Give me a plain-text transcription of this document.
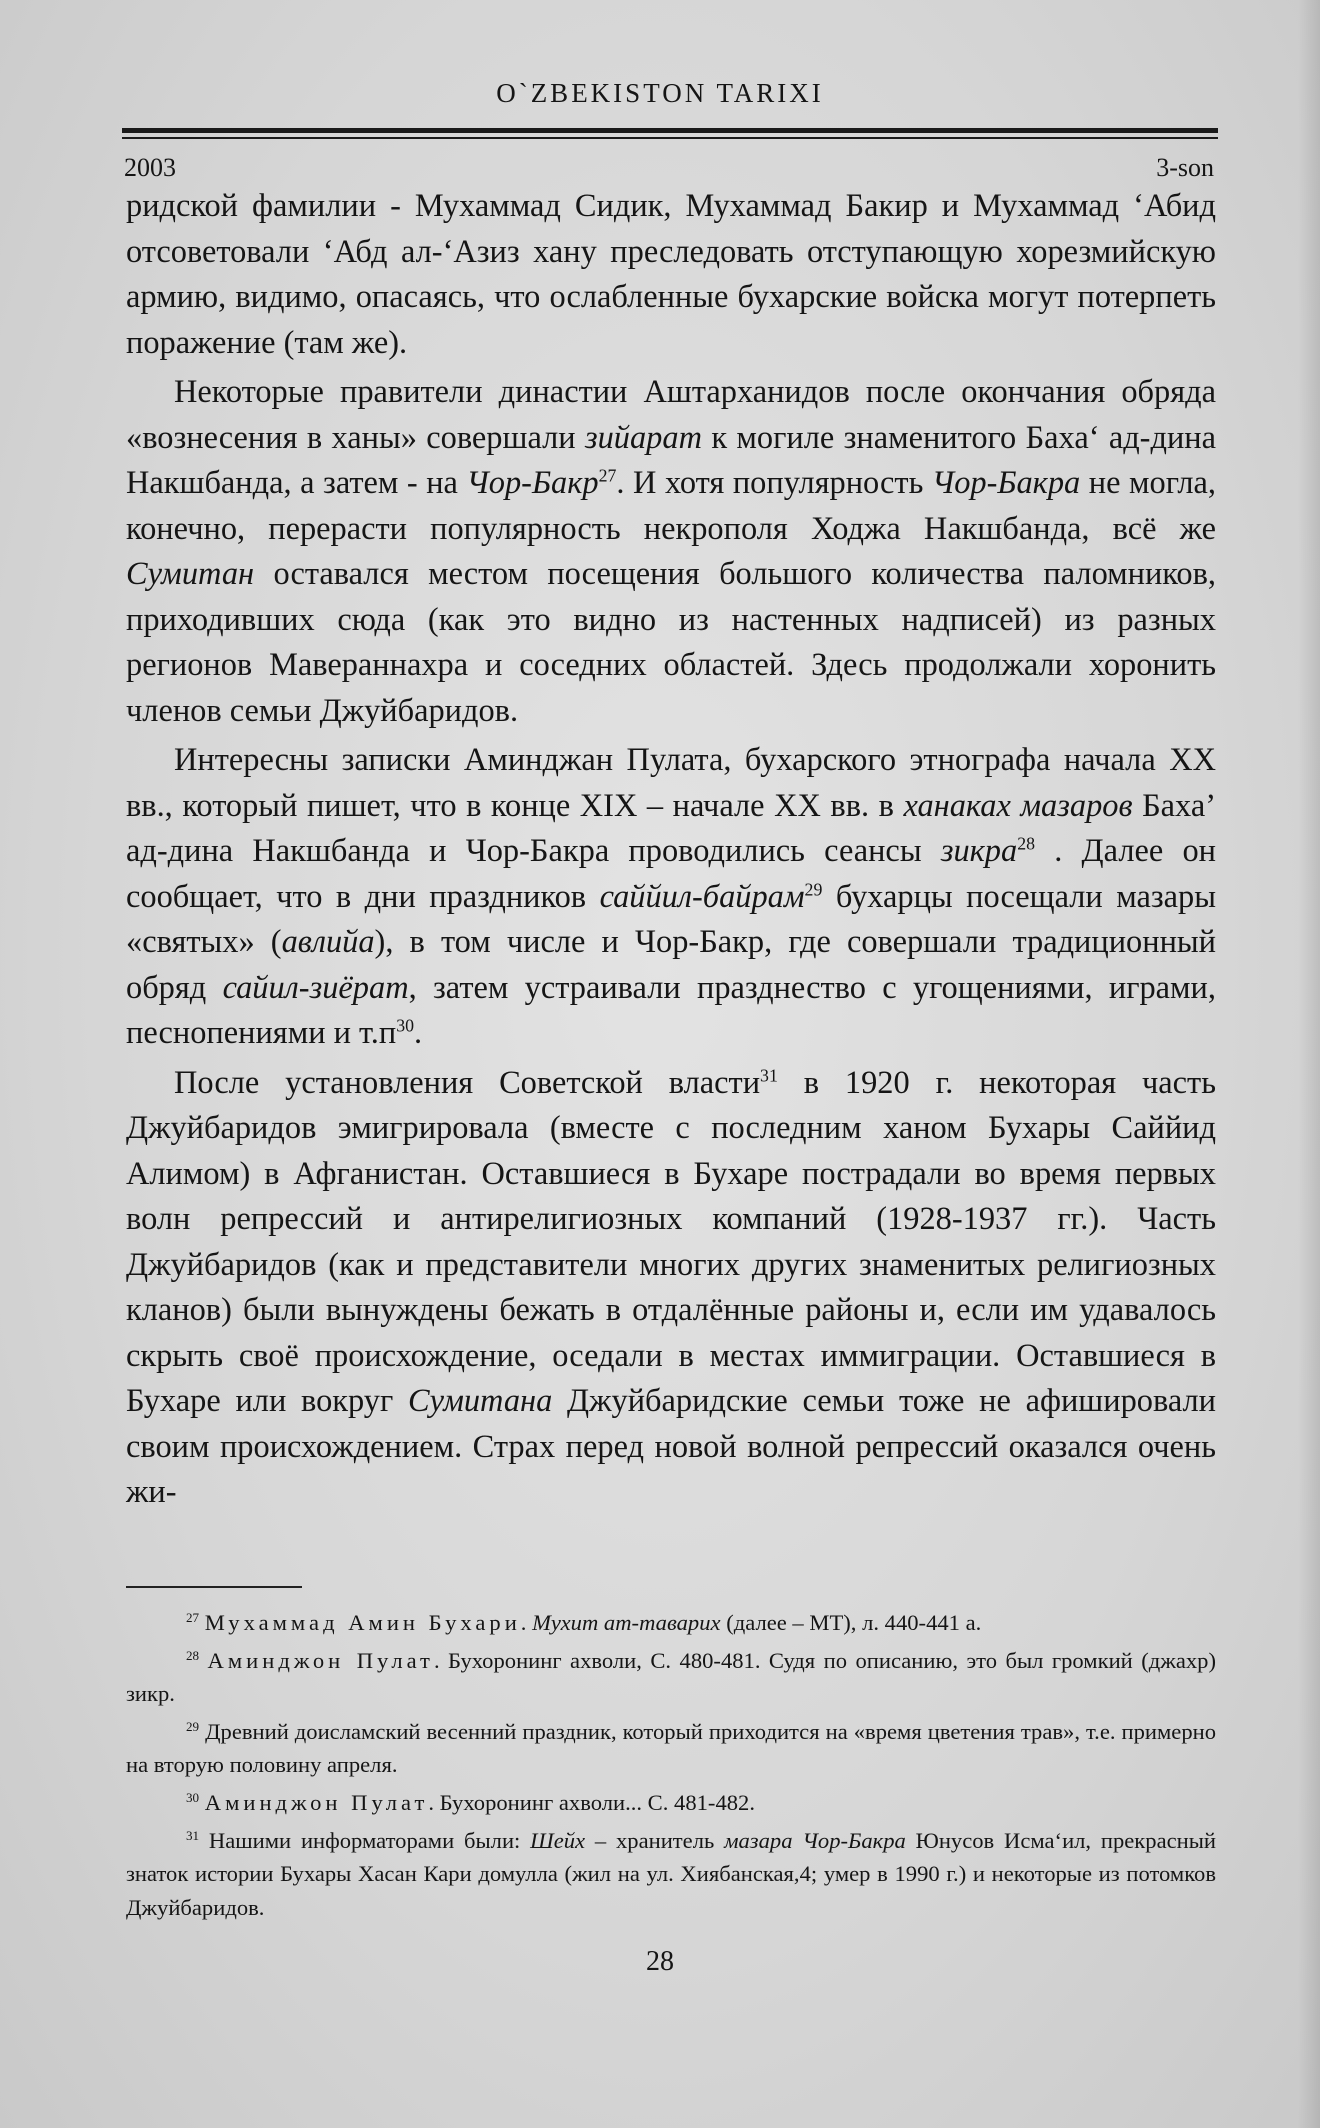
O`ZBEKISTON TARIXI
2003	3-son

ридской фамилии - Мухаммад Сидик, Мухаммад Бакир и Мухаммад ‘Абид отсоветовали ‘Абд ал-‘Азиз хану преследовать отступающую хорезмийскую армию, видимо, опасаясь, что ослабленные бухарские войска могут потерпеть поражение (там же).

Некоторые правители династии Аштарханидов после окончания обряда «вознесения в ханы» совершали зийарат к могиле знаменитого Баха‘ ад-дина Накшбанда, а затем - на Чор-Бакр$^{27}$. И хотя популярность Чор-Бакра не могла, конечно, перерасти популярность некрополя Ходжа Накшбанда, всё же Сумитан оставался местом посещения большого количества паломников, приходивших сюда (как это видно из настенных надписей) из разных регионов Мавераннахра и соседних областей. Здесь продолжали хоронить членов семьи Джуйбаридов.

Интересны записки Аминджан Пулата, бухарского этнографа начала XX вв., который пишет, что в конце XIX – начале XX вв. в ханаках мазаров Баха’ ад-дина Накшбанда и Чор-Бакра проводились сеансы зикра$^{28}$ . Далее он сообщает, что в дни праздников саййил-байрам$^{29}$ бухарцы посещали мазары «святых» (авлийа), в том числе и Чор-Бакр, где совершали традиционный обряд сайил-зиёрат, затем устраивали празднество с угощениями, играми, песнопениями и $т.п^{30}$.

После установления Советской власти$^{31}$ в 1920 г. некоторая часть Джуйбаридов эмигрировала (вместе с последним ханом Бухары Саййид Алимом) в Афганистан. Оставшиеся в Бухаре пострадали во время первых волн репрессий и антирелигиозных компаний (1928-1937 гг.). Часть Джуйбаридов (как и представители многих других знаменитых религиозных кланов) были вынуждены бежать в отдалённые районы и, если им удавалось скрыть своё происхождение, оседали в местах иммиграции. Оставшиеся в Бухаре или вокруг Сумитана Джуйбаридские семьи тоже не афишировали своим происхождением. Страх перед новой волной репрессий оказался очень жи-

$^{27}$ Мухаммад Амин Бухари. Мухит ат-таварих (далее – МТ), л. 440-441 а.

$^{28}$ Аминджон Пулат. Бухоронинг ахволи, С. 480-481. Судя по описанию, это был громкий (джахр) зикр.

$^{29}$ Древний доисламский весенний праздник, который приходится на «время цветения трав», т.е. примерно на вторую половину апреля.

$^{30}$ Аминджон Пулат. Бухоронинг ахволи... С. 481-482.

$^{31}$ Нашими информаторами были: Шейх – хранитель мазара Чор-Бакра Юнусов Исма‘ил, прекрасный знаток истории Бухары Хасан Кари домулла (жил на ул. Хиябанская,4; умер в 1990 г.) и некоторые из потомков Джуйбаридов.

28
